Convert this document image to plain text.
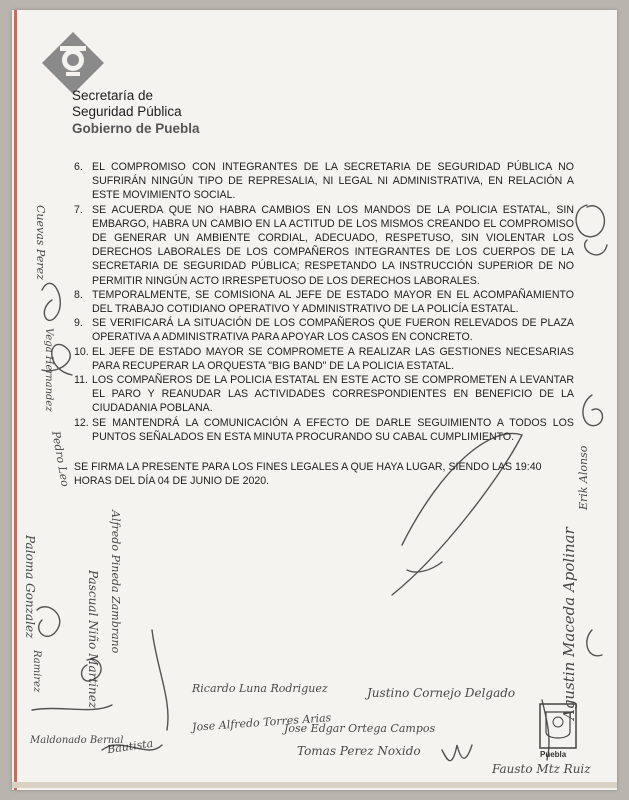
Secretaría de
Seguridad Pública
Gobierno de Puebla
6. EL COMPROMISO CON INTEGRANTES DE LA SECRETARIA DE SEGURIDAD PÚBLICA NO SUFRIRÁN NINGÚN TIPO DE REPRESALIA, NI LEGAL NI ADMINISTRATIVA, EN RELACIÓN A ESTE MOVIMIENTO SOCIAL.
7. SE ACUERDA QUE NO HABRA CAMBIOS EN LOS MANDOS DE LA POLICIA ESTATAL, SIN EMBARGO, HABRA UN CAMBIO EN LA ACTITUD DE LOS MISMOS CREANDO EL COMPROMISO DE GENERAR UN AMBIENTE CORDIAL, ADECUADO, RESPETUSO, SIN VIOLENTAR LOS DERECHOS LABORALES DE LOS COMPAÑEROS INTEGRANTES DE LOS CUERPOS DE LA SECRETARIA DE SEGURIDAD PÚBLICA; RESPETANDO LA INSTRUCCIÓN SUPERIOR DE NO PERMITIR NINGÚN ACTO IRRESPETUOSO DE LOS DERECHOS LABORALES.
8. TEMPORALMENTE, SE COMISIONA AL JEFE DE ESTADO MAYOR EN EL ACOMPAÑAMIENTO DEL TRABAJO COTIDIANO OPERATIVO Y ADMINISTRATIVO DE LA POLICÍA ESTATAL.
9. SE VERIFICARÁ LA SITUACIÓN DE LOS COMPAÑEROS QUE FUERON RELEVADOS DE PLAZA OPERATIVA A ADMINISTRATIVA PARA APOYAR LOS CASOS EN CONCRETO.
10. EL JEFE DE ESTADO MAYOR SE COMPROMETE A REALIZAR LAS GESTIONES NECESARIAS PARA RECUPERAR LA ORQUESTA "BIG BAND" DE LA POLICIA ESTATAL.
11. LOS COMPAÑEROS DE LA POLICIA ESTATAL EN ESTE ACTO SE COMPROMETEN A LEVANTAR EL PARO Y REANUDAR LAS ACTIVIDADES CORRESPONDIENTES EN BENEFICIO DE LA CIUDADANIA POBLANA.
12. SE MANTENDRÁ LA COMUNICACIÓN A EFECTO DE DARLE SEGUIMIENTO A TODOS LOS PUNTOS SEÑALADOS EN ESTA MINUTA PROCURANDO SU CABAL CUMPLIMIENTO.
SE FIRMA LA PRESENTE PARA LOS FINES LEGALES A QUE HAYA LUGAR, SIENDO LAS 19:40 HORAS DEL DÍA 04 DE JUNIO DE 2020.
Ricardo Luna Rodriguez	Justino Cornejo Delgado
Jose Alfredo Torres Arias
Jose Edgar Ortega Campos
Tomas Perez Noxido
Fausto Mtz Ruiz
Pascual Niño Martinez Alfredo Pineda Zambrano	Agustin Maceda Apolinar
Bautista
Maldonado Bernal
Cuevas Perez
Vega Hernandez
Pedro Leo
Paloma Gonzalez
Ramirez
Erik Alonso
Puebla
